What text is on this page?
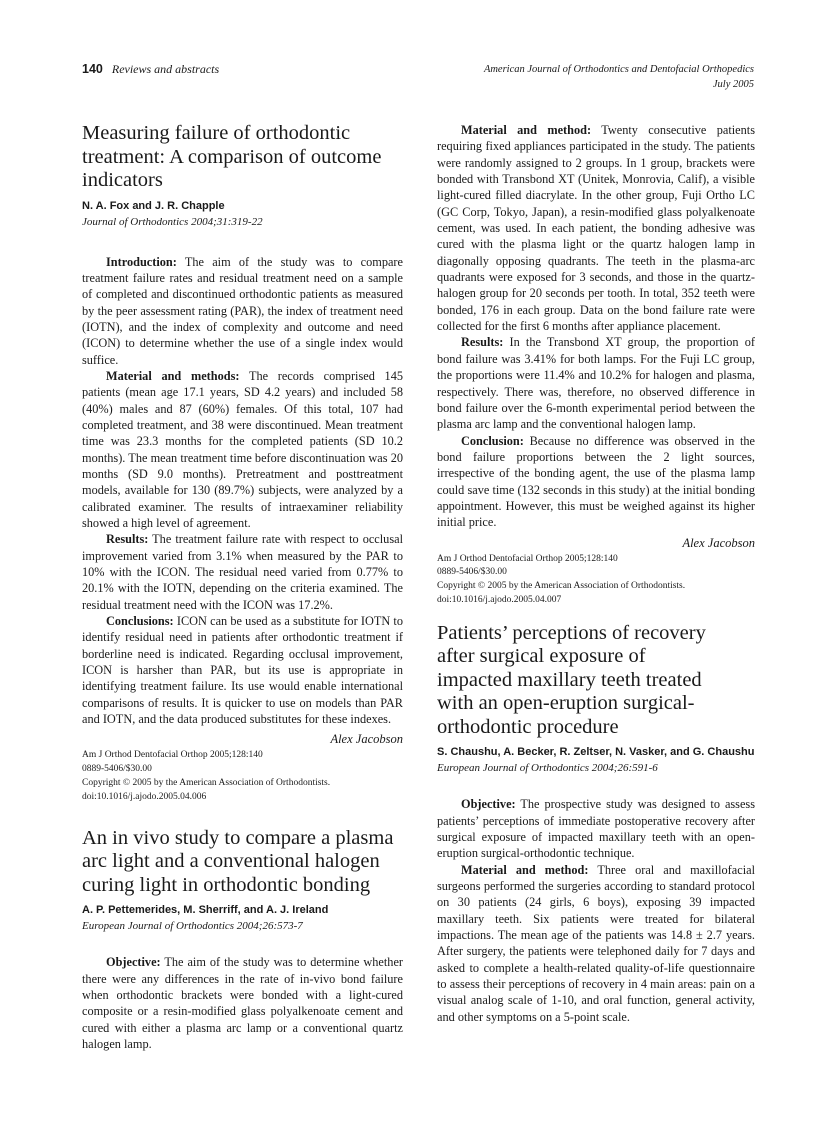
140 Reviews and abstracts	American Journal of Orthodontics and Dentofacial Orthopedics
July 2005
Measuring failure of orthodontic treatment: A comparison of outcome indicators

N. A. Fox and J. R. Chapple

Journal of Orthodontics 2004;31:319-22

Introduction: The aim of the study was to compare treatment failure rates and residual treatment need on a sample of completed and discontinued orthodontic patients as measured by the peer assessment rating (PAR), the index of treatment need (IOTN), and the index of complexity and outcome and need (ICON) to determine whether the use of a single index would suffice.

Material and methods: The records comprised 145 patients (mean age 17.1 years, SD 4.2 years) and included 58 (40%) males and 87 (60%) females. Of this total, 107 had completed treatment, and 38 were discontinued. Mean treatment time was 23.3 months for the completed patients (SD 10.2 months). The mean treatment time before discontinuation was 20 months (SD 9.0 months). Pretreatment and posttreatment models, available for 130 (89.7%) subjects, were analyzed by a calibrated examiner. The results of intraexaminer reliability showed a high level of agreement.

Results: The treatment failure rate with respect to occlusal improvement varied from 3.1% when measured by the PAR to 10% with the ICON. The residual need varied from 0.77% to 20.1% with the IOTN, depending on the criteria examined. The residual treatment need with the ICON was 17.2%.

Conclusions: ICON can be used as a substitute for IOTN to identify residual need in patients after orthodontic treatment if borderline need is indicated. Regarding occlusal improvement, ICON is harsher than PAR, but its use is appropriate in identifying treatment failure. Its use would enable international comparisons of results. It is quicker to use on models than PAR and IOTN, and the data produced substitutes for these indexes.

Alex Jacobson

Am J Orthod Dentofacial Orthop 2005;128:140

0889-5406/$30.00

Copyright © 2005 by the American Association of Orthodontists.

doi:10.1016/j.ajodo.2005.04.006

An in vivo study to compare a plasma arc light and a conventional halogen curing light in orthodontic bonding

A. P. Pettemerides, M. Sherriff, and A. J. Ireland

European Journal of Orthodontics 2004;26:573-7

Objective: The aim of the study was to determine whether there were any differences in the rate of in-vivo bond failure when orthodontic brackets were bonded with a light-cured composite or a resin-modified glass polyalkenoate cement and cured with either a plasma arc lamp or a conventional quartz halogen lamp.

Material and method: Twenty consecutive patients requiring fixed appliances participated in the study. The patients were randomly assigned to 2 groups. In 1 group, brackets were bonded with Transbond XT (Unitek, Monrovia, Calif), a visible light-cured filled diacrylate. In the other group, Fuji Ortho LC (GC Corp, Tokyo, Japan), a resin-modified glass polyalkenoate cement, was used. In each patient, the bonding adhesive was cured with the plasma light or the quartz halogen lamp in diagonally opposing quadrants. The teeth in the plasma-arc quadrants were exposed for 3 seconds, and those in the quartz-halogen group for 20 seconds per tooth. In total, 352 teeth were bonded, 176 in each group. Data on the bond failure rate were collected for the first 6 months after appliance placement.

Results: In the Transbond XT group, the proportion of bond failure was 3.41% for both lamps. For the Fuji LC group, the proportions were 11.4% and 10.2% for halogen and plasma, respectively. There was, therefore, no observed difference in bond failure over the 6-month experimental period between the plasma arc lamp and the conventional halogen lamp.

Conclusion: Because no difference was observed in the bond failure proportions between the 2 light sources, irrespective of the bonding agent, the use of the plasma lamp could save time (132 seconds in this study) at the initial bonding appointment. However, this must be weighed against its higher initial price.

Alex Jacobson

Am J Orthod Dentofacial Orthop 2005;128:140

0889-5406/$30.00

Copyright © 2005 by the American Association of Orthodontists.

doi:10.1016/j.ajodo.2005.04.007

Patients’ perceptions of recovery after surgical exposure of impacted maxillary teeth treated with an open-eruption surgical-orthodontic procedure

S. Chaushu, A. Becker, R. Zeltser, N. Vasker, and G. Chaushu

European Journal of Orthodontics 2004;26:591-6

Objective: The prospective study was designed to assess patients’ perceptions of immediate postoperative recovery after surgical exposure of impacted maxillary teeth with an open-eruption surgical-orthodontic technique.

Material and method: Three oral and maxillofacial surgeons performed the surgeries according to standard protocol on 30 patients (24 girls, 6 boys), exposing 39 impacted maxillary teeth. Six patients were treated for bilateral impactions. The mean age of the patients was 14.8 ± 2.7 years. After surgery, the patients were telephoned daily for 7 days and asked to complete a health-related quality-of-life questionnaire to assess their perceptions of recovery in 4 main areas: pain on a visual analog scale of 1-10, and oral function, general activity, and other symptoms on a 5-point scale.
